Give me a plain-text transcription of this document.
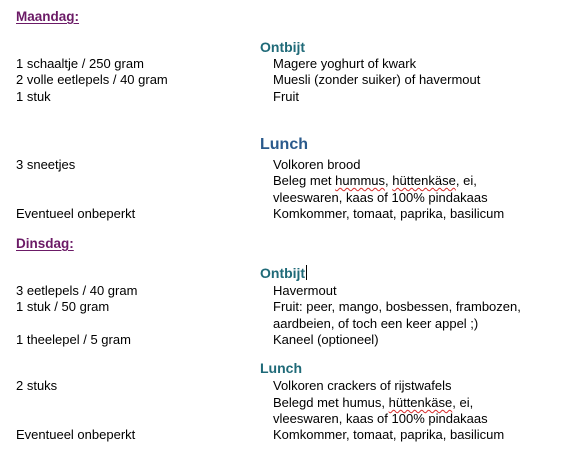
Maandag:
Ontbijt
1 schaaltje / 250 gram	Magere yoghurt of kwark
2 volle eetlepels / 40 gram	Muesli (zonder suiker) of havermout
1 stuk	Fruit
Lunch
3 sneetjes	Volkoren brood
Beleg met hummus, hüttenkäse, ei,
vleeswaren, kaas of 100% pindakaas
Eventueel onbeperkt	Komkommer, tomaat, paprika, basilicum
Dinsdag:
Ontbijt
3 eetlepels / 40 gram	Havermout
1 stuk / 50 gram	Fruit: peer, mango, bosbessen, frambozen,
aardbeien, of toch een keer appel ;)
1 theelepel / 5 gram	Kaneel (optioneel)
Lunch
2 stuks	Volkoren crackers of rijstwafels
Belegd met humus, hüttenkäse, ei,
vleeswaren, kaas of 100% pindakaas
Eventueel onbeperkt	Komkommer, tomaat, paprika, basilicum
